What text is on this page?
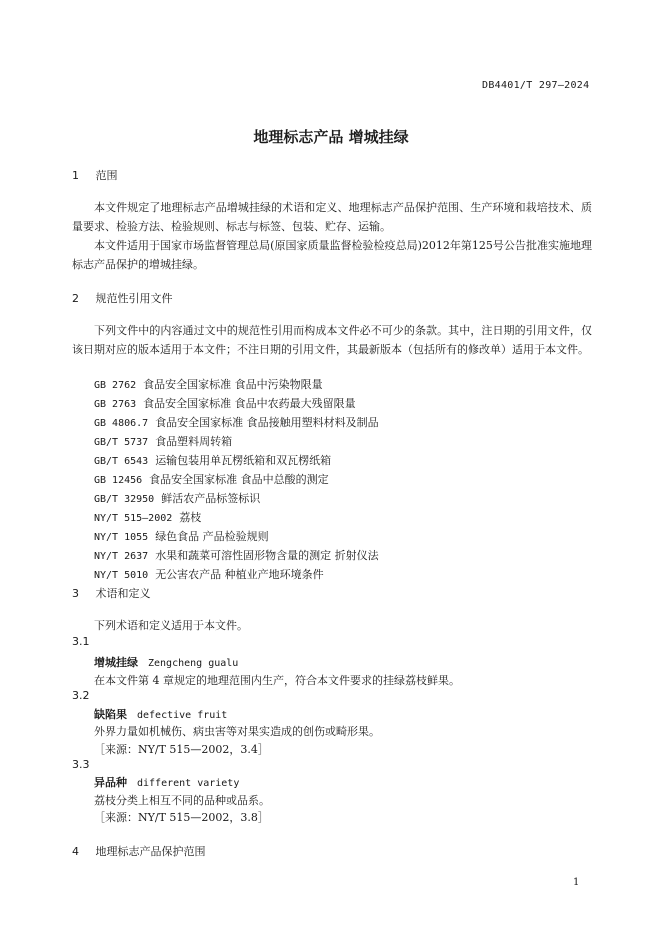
DB4401/T 297—2024
地理标志产品 增城挂绿
1 范围
本文件规定了地理标志产品增城挂绿的术语和定义、地理标志产品保护范围、生产环境和栽培技术、质量要求、检验方法、检验规则、标志与标签、包装、贮存、运输。
本文件适用于国家市场监督管理总局(原国家质量监督检验检疫总局)2012年第125号公告批准实施地理标志产品保护的增城挂绿。
2 规范性引用文件
下列文件中的内容通过文中的规范性引用而构成本文件必不可少的条款。其中，注日期的引用文件，仅该日期对应的版本适用于本文件；不注日期的引用文件，其最新版本（包括所有的修改单）适用于本文件。
GB 2762 食品安全国家标准 食品中污染物限量
GB 2763 食品安全国家标准 食品中农药最大残留限量
GB 4806.7 食品安全国家标准 食品接触用塑料材料及制品
GB/T 5737 食品塑料周转箱
GB/T 6543 运输包装用单瓦楞纸箱和双瓦楞纸箱
GB 12456 食品安全国家标准 食品中总酸的测定
GB/T 32950 鲜活农产品标签标识
NY/T 515—2002 荔枝
NY/T 1055 绿色食品 产品检验规则
NY/T 2637 水果和蔬菜可溶性固形物含量的测定 折射仪法
NY/T 5010 无公害农产品 种植业产地环境条件
3 术语和定义
下列术语和定义适用于本文件。
3.1
增城挂绿 Zengcheng gualu
在本文件第 4 章规定的地理范围内生产，符合本文件要求的挂绿荔枝鲜果。
3.2
缺陷果 defective fruit
外界力量如机械伤、病虫害等对果实造成的创伤或畸形果。
［来源：NY/T 515—2002，3.4］
3.3
异品种 different variety
荔枝分类上相互不同的品种或品系。
［来源：NY/T 515—2002，3.8］
4 地理标志产品保护范围
1
